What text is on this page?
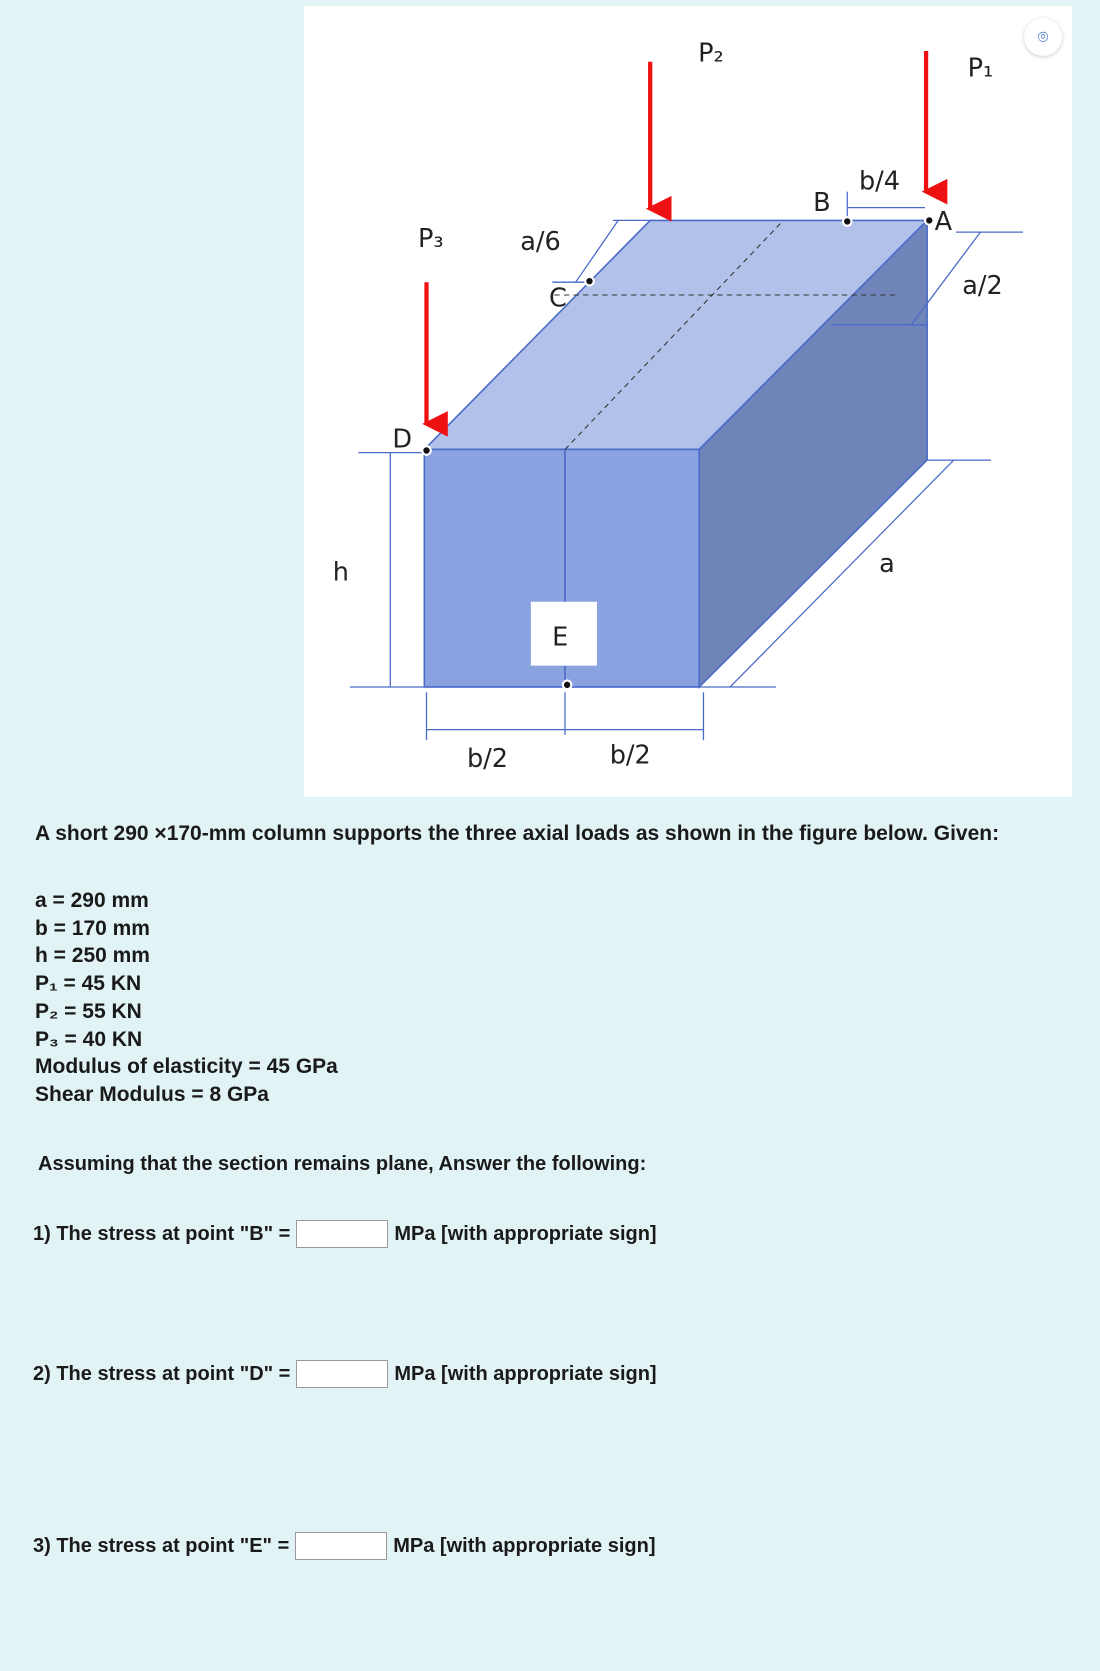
P₂	P₁
P₃	a/6
C
D
h
E
a
b/2	b/2
B
b/4
A
a/2
⌾
A short 290 ×170-mm column supports the three axial loads as shown in the figure below. Given:
a = 290 mm
b = 170 mm
h = 250 mm
P₁ = 45 KN
P₂ = 55 KN
P₃ = 40 KN
Modulus of elasticity = 45 GPa
Shear Modulus = 8 GPa
Assuming that the section remains plane, Answer the following:
1) The stress at point "B" =	MPa [with appropriate sign]
2) The stress at point "D" =	MPa [with appropriate sign]
3) The stress at point "E" =	MPa [with appropriate sign]
